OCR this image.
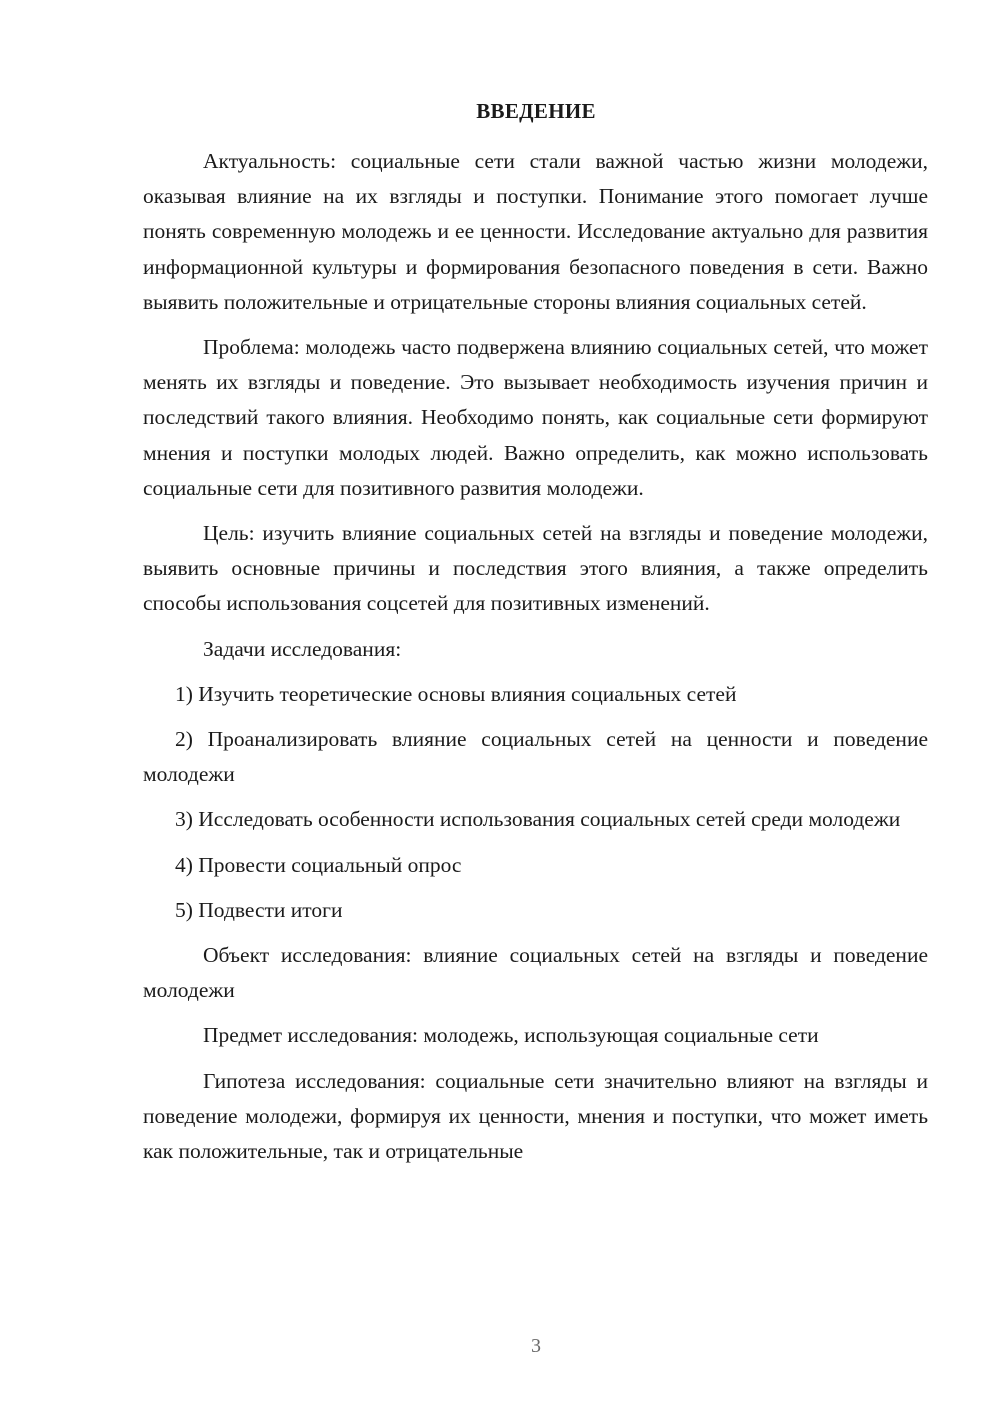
ВВЕДЕНИЕ

Актуальность: социальные сети стали важной частью жизни молодежи, оказывая влияние на их взгляды и поступки. Понимание этого помогает лучше понять современную молодежь и ее ценности. Исследование актуально для развития информационной культуры и формирования безопасного поведения в сети. Важно выявить положительные и отрицательные стороны влияния социальных сетей.

Проблема: молодежь часто подвержена влиянию социальных сетей, что может менять их взгляды и поведение. Это вызывает необходимость изучения причин и последствий такого влияния. Необходимо понять, как социальные сети формируют мнения и поступки молодых людей. Важно определить, как можно использовать социальные сети для позитивного развития молодежи.

Цель: изучить влияние социальных сетей на взгляды и поведение молодежи, выявить основные причины и последствия этого влияния, а также определить способы использования соцсетей для позитивных изменений.

Задачи исследования:

1) Изучить теоретические основы влияния социальных сетей

2) Проанализировать влияние социальных сетей на ценности и поведение молодежи

3) Исследовать особенности использования социальных сетей среди молодежи

4) Провести социальный опрос

5) Подвести итоги

Объект исследования: влияние социальных сетей на взгляды и поведение молодежи

Предмет исследования: молодежь, использующая социальные сети

Гипотеза исследования: социальные сети значительно влияют на взгляды и поведение молодежи, формируя их ценности, мнения и поступки, что может иметь как положительные, так и отрицательные

3
